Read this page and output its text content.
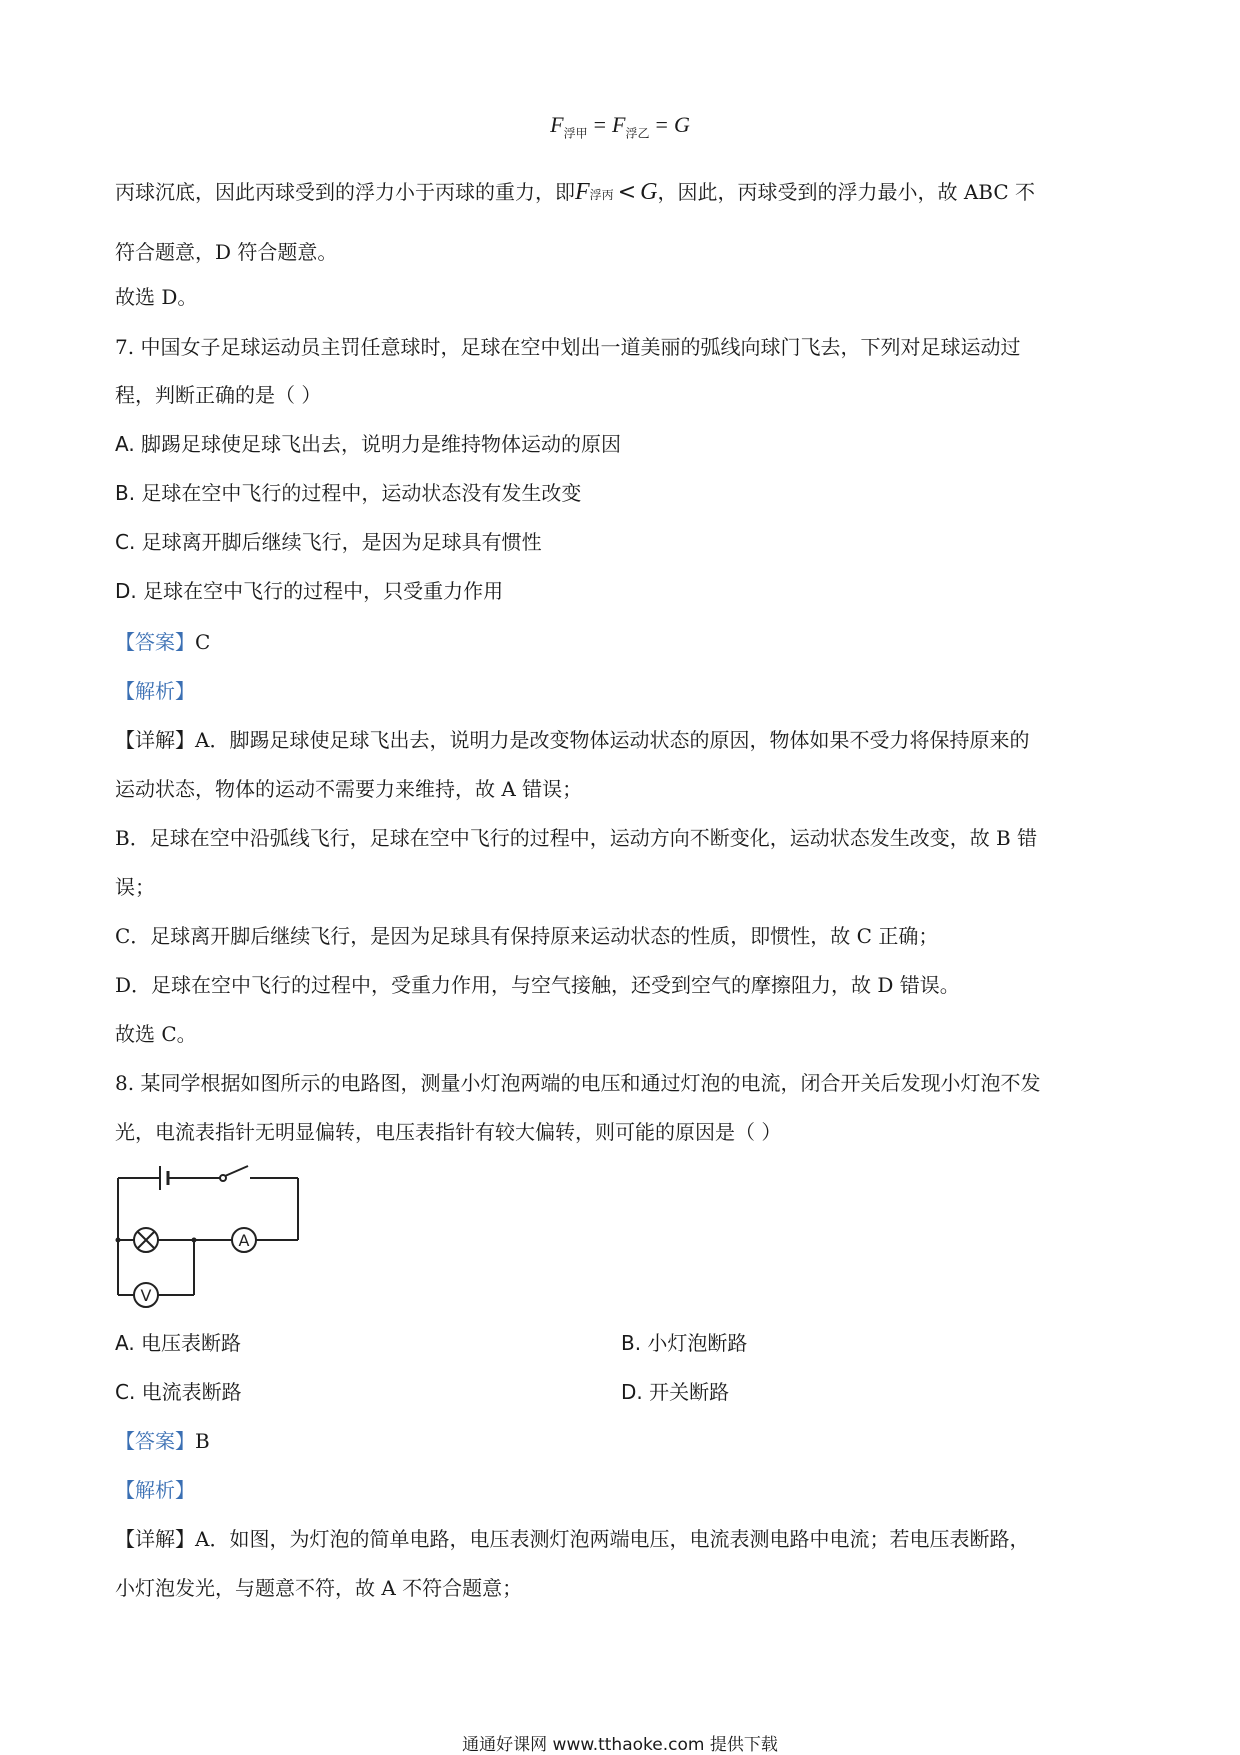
$F_{浮甲} = F_{浮乙} = G$
丙球沉底，因此丙球受到的浮力小于丙球的重力，即F浮丙 < G，因此，丙球受到的浮力最小，故 ABC 不
符合题意，D 符合题意。
故选 D。
7. 中国女子足球运动员主罚任意球时，足球在空中划出一道美丽的弧线向球门飞去，下列对足球运动过
程，判断正确的是（ ）
A. 脚踢足球使足球飞出去，说明力是维持物体运动的原因
B. 足球在空中飞行的过程中，运动状态没有发生改变
C. 足球离开脚后继续飞行，是因为足球具有惯性
D. 足球在空中飞行的过程中，只受重力作用
【答案】C
【解析】
【详解】A．脚踢足球使足球飞出去，说明力是改变物体运动状态的原因，物体如果不受力将保持原来的
运动状态，物体的运动不需要力来维持，故 A 错误；
B．足球在空中沿弧线飞行，足球在空中飞行的过程中，运动方向不断变化，运动状态发生改变，故 B 错
误；
C．足球离开脚后继续飞行，是因为足球具有保持原来运动状态的性质，即惯性，故 C 正确；
D．足球在空中飞行的过程中，受重力作用，与空气接触，还受到空气的摩擦阻力，故 D 错误。
故选 C。
8. 某同学根据如图所示的电路图，测量小灯泡两端的电压和通过灯泡的电流，闭合开关后发现小灯泡不发
光，电流表指针无明显偏转，电压表指针有较大偏转，则可能的原因是（ ）
A
V
A. 电压表断路	B. 小灯泡断路
C. 电流表断路	D. 开关断路
【答案】B
【解析】
【详解】A．如图，为灯泡的简单电路，电压表测灯泡两端电压，电流表测电路中电流；若电压表断路，
小灯泡发光，与题意不符，故 A 不符合题意；
通通好课网 www.tthaoke.com 提供下载
